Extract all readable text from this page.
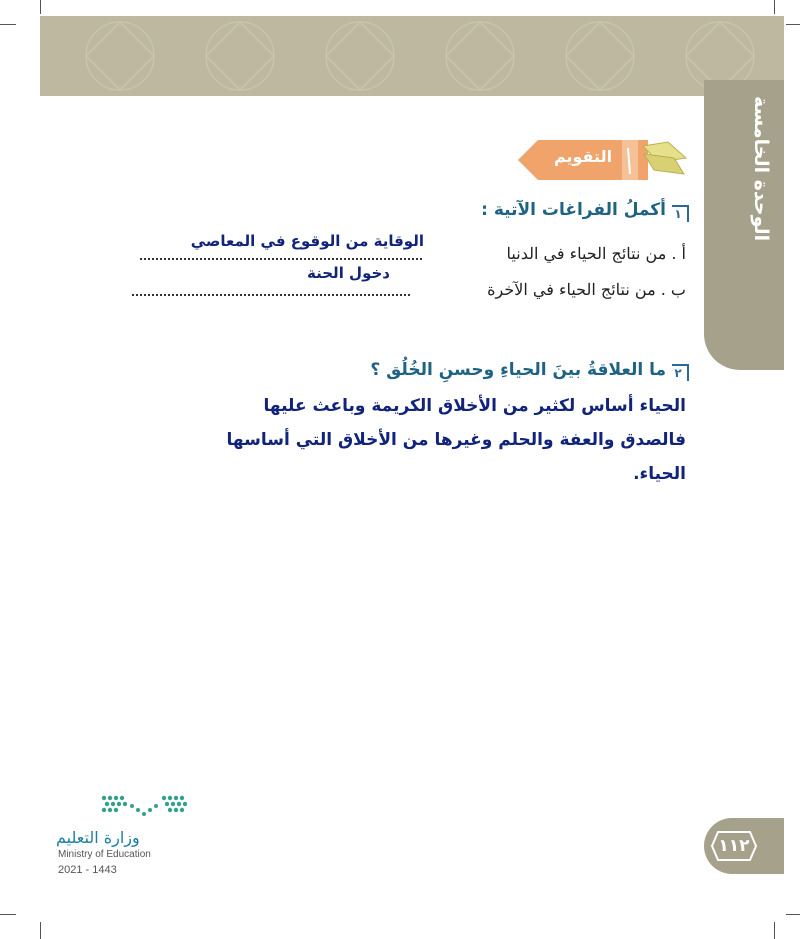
الوحدة الخامسة
التقويم
١
أكملُ الفراغات الآتية :
أ . من نتائج الحياء في الدنيا
الوقاية من الوقوع في المعاصي
ب . من نتائج الحياء في الآخرة
دخول الحنة
٢
ما العلاقةُ بينَ الحياءِ وحسنِ الخُلُق ؟
الحياء أساس لكثير من الأخلاق الكريمة وباعث عليها
فالصدق والعفة والحلم وغيرها من الأخلاق التي أساسها
الحياء.
وزارة التعليم
Ministry of Education
2021 - 1443
١١٢
